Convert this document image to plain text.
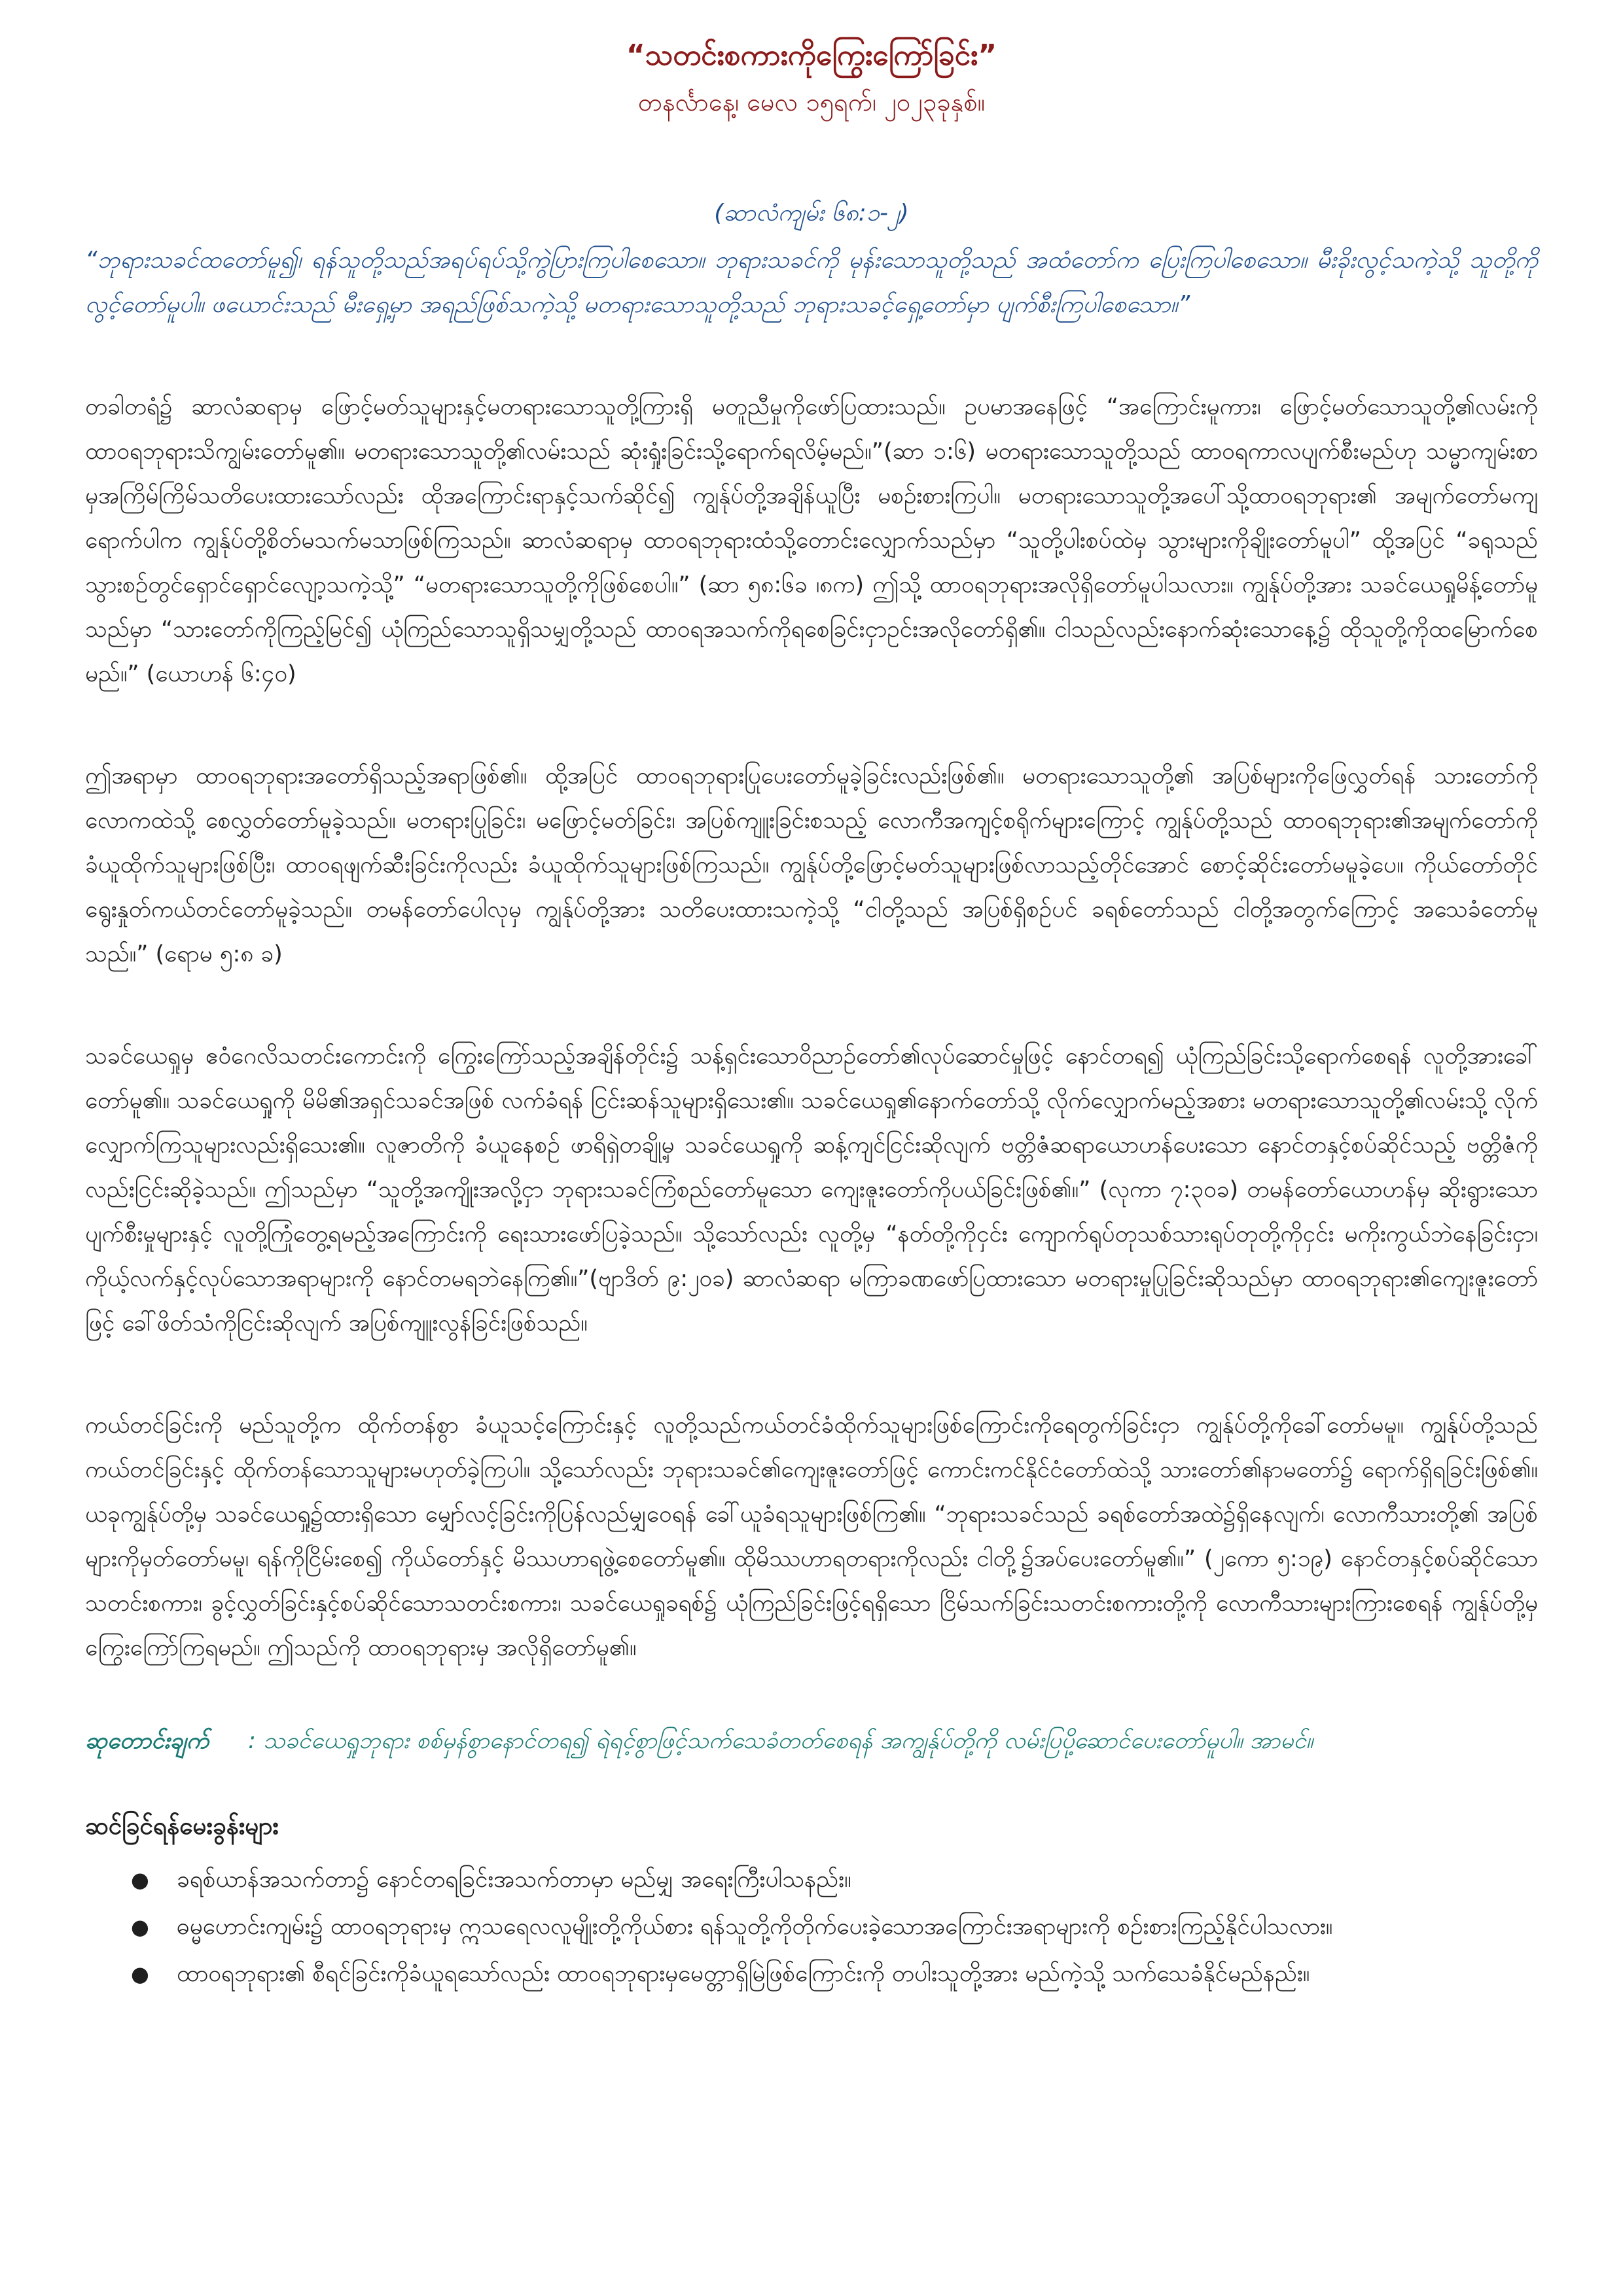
“သတင်းစကားကိုကြွေးကြော်ခြင်း”
တနင်္လာနေ့၊ မေလ ၁၅ရက်၊ ၂၀၂၃ခုနှစ်။
(ဆာလံကျမ်း ၆၈:၁-၂)
“ဘုရားသခင်ထတော်မူ၍၊ ရန်သူတို့သည်အရပ်ရပ်သို့ကွဲပြားကြပါစေသော။ ဘုရားသခင်ကို မုန်းသောသူတို့သည် အထံတော်က ပြေးကြပါစေသော။ မီးခိုးလွင့်သကဲ့သို့ သူတို့ကိုလွင့်တော်မူပါ။ ဖယောင်းသည် မီးရှေ့မှာ အရည်ဖြစ်သကဲ့သို့ မတရားသောသူတို့သည် ဘုရားသခင့်ရှေ့တော်မှာ ပျက်စီးကြပါစေသော။”

တခါတရံ၌ ဆာလံဆရာမှ ဖြောင့်မတ်သူများနှင့်မတရားသောသူတို့ကြားရှိ မတူညီမှုကိုဖော်ပြထားသည်။ ဥပမာအနေဖြင့် “အကြောင်းမူကား၊ ဖြောင့်မတ်သောသူတို့၏လမ်းကို ထာဝရဘုရားသိကျွမ်းတော်မူ၏။ မတရားသောသူတို့၏လမ်းသည် ဆုံးရှုံးခြင်းသို့ရောက်ရလိမ့်မည်။”(ဆာ ၁:၆) မတရားသောသူတို့သည် ထာဝရကာလပျက်စီးမည်ဟု သမ္မာကျမ်းစာမှအကြိမ်ကြိမ်သတိပေးထားသော်လည်း ထိုအကြောင်းရာနှင့်သက်ဆိုင်၍ ကျွန်ုပ်တို့အချိန်ယူပြီး မစဉ်းစားကြပါ။ မတရားသောသူတို့အပေါ်သို့ထာဝရဘုရား၏ အမျက်တော်မကျရောက်ပါက ကျွန်ုပ်တို့စိတ်မသက်မသာဖြစ်ကြသည်။ ဆာလံဆရာမှ ထာဝရဘုရားထံသို့တောင်းလျှောက်သည်မှာ “သူတို့ပါးစပ်ထဲမှ သွားများကိုချိုးတော်မူပါ” ထို့အပြင် “ခရုသည်သွားစဉ်တွင်ရှောင်ရှောင်လျော့သကဲ့သို့” “မတရားသောသူတို့ကိုဖြစ်စေပါ။” (ဆာ ၅၈:၆ခ ၊၈က) ဤသို့ ထာဝရဘုရားအလိုရှိတော်မူပါသလား။ ကျွန်ုပ်တို့အား သခင်ယေရှုမိန့်တော်မူသည်မှာ “သားတော်ကိုကြည့်မြင်၍ ယုံကြည်သောသူရှိသမျှတို့သည် ထာဝရအသက်ကိုရစေခြင်းငှာဥင်းအလိုတော်ရှိ၏။ ငါသည်လည်းနောက်ဆုံးသောနေ့၌ ထိုသူတို့ကိုထမြောက်စေမည်။” (ယောဟန် ၆:၄၀)

ဤအရာမှာ ထာဝရဘုရားအတော်ရှိသည့်အရာဖြစ်၏။ ထို့အပြင် ထာဝရဘုရားပြုပေးတော်မူခဲ့ခြင်းလည်းဖြစ်၏။ မတရားသောသူတို့၏ အပြစ်များကိုဖြေလွှတ်ရန် သားတော်ကိုလောကထဲသို့ စေလွှတ်တော်မူခဲ့သည်။ မတရားပြုခြင်း၊ မဖြောင့်မတ်ခြင်း၊ အပြစ်ကျူးခြင်းစသည့် လောကီအကျင့်စရိုက်များကြောင့် ကျွန်ုပ်တို့သည် ထာဝရဘုရား၏အမျက်တော်ကို ခံယူထိုက်သူများဖြစ်ပြီး၊ ထာဝရဖျက်ဆီးခြင်းကိုလည်း ခံယူထိုက်သူများဖြစ်ကြသည်။ ကျွန်ုပ်တို့ဖြောင့်မတ်သူများဖြစ်လာသည့်တိုင်အောင် စောင့်ဆိုင်းတော်မမူခဲ့ပေ။ ကိုယ်တော်တိုင်ရွေးနှုတ်ကယ်တင်တော်မူခဲ့သည်။ တမန်တော်ပေါလုမှ ကျွန်ုပ်တို့အား သတိပေးထားသကဲ့သို့ “ငါတို့သည် အပြစ်ရှိစဉ်ပင် ခရစ်တော်သည် ငါတို့အတွက်ကြောင့် အသေခံတော်မူသည်။” (ရောမ ၅:၈ ခ)

သခင်ယေရှုမှ ဧဝံဂေလိသတင်းကောင်းကို ကြွေးကြော်သည့်အချိန်တိုင်း၌ သန့်ရှင်းသောဝိညာဉ်တော်၏လုပ်ဆောင်မှုဖြင့် နောင်တရ၍ ယုံကြည်ခြင်းသို့ရောက်စေရန် လူတို့အားခေါ်တော်မူ၏။ သခင်ယေရှုကို မိမိ၏အရှင်သခင်အဖြစ် လက်ခံရန် ငြင်းဆန်သူများရှိသေး၏။ သခင်ယေရှု၏နောက်တော်သို့ လိုက်လျှောက်မည့်အစား မတရားသောသူတို့၏လမ်းသို့ လိုက်လျှောက်ကြသူများလည်းရှိသေး၏။ လူဇာတိကို ခံယူနေစဉ် ဖာရိရှဲတချို့မှ သခင်ယေရှုကို ဆန့်ကျင်ငြင်းဆိုလျက် ဗတ္တိဇံဆရာယောဟန်ပေးသော နောင်တနှင့်စပ်ဆိုင်သည့် ဗတ္တိဇံကိုလည်းငြင်းဆိုခဲ့သည်။ ဤသည်မှာ “သူတို့အကျိုးအလို့ငှာ ဘုရားသခင်ကြံစည်တော်မူသော ကျေးဇူးတော်ကိုပယ်ခြင်းဖြစ်၏။” (လုကာ ၇:၃၀ခ) တမန်တော်ယောဟန်မှ ဆိုးရွားသောပျက်စီးမှုများနှင့် လူတို့ကြုံတွေ့ရမည့်အကြောင်းကို ရေးသားဖော်ပြခဲ့သည်။ သို့သော်လည်း လူတို့မှ “နတ်တို့ကိုငှင်း ကျောက်ရုပ်တုသစ်သားရုပ်တုတို့ကိုငှင်း မကိုးကွယ်ဘဲနေခြင်းငှာ၊ ကိုယ့်လက်နှင့်လုပ်သောအရာများကို နောင်တမရဘဲနေကြ၏။”(ဗျာဒိတ် ၉:၂၀ခ) ဆာလံဆရာ မကြာခဏဖော်ပြထားသော မတရားမှုပြုခြင်းဆိုသည်မှာ ထာဝရဘုရား၏ကျေးဇူးတော်ဖြင့် ခေါ်ဖိတ်သံကိုငြင်းဆိုလျက် အပြစ်ကျူးလွန်ခြင်းဖြစ်သည်။

ကယ်တင်ခြင်းကို မည်သူတို့က ထိုက်တန်စွာ ခံယူသင့်ကြောင်းနှင့် လူတို့သည်ကယ်တင်ခံထိုက်သူများဖြစ်ကြောင်းကိုရေတွက်ခြင်းငှာ ကျွန်ုပ်တို့ကိုခေါ်တော်မမူ။ ကျွန်ုပ်တို့သည်ကယ်တင်ခြင်းနှင့် ထိုက်တန်သောသူများမဟုတ်ခဲ့ကြပါ။ သို့သော်လည်း ဘုရားသခင်၏ကျေးဇူးတော်ဖြင့် ကောင်းကင်နိုင်ငံတော်ထဲသို့ သားတော်၏နာမတော်၌ ရောက်ရှိရခြင်းဖြစ်၏။ ယခုကျွန်ုပ်တို့မှ သခင်ယေရှု၌ထားရှိသော မျှော်လင့်ခြင်းကိုပြန်လည်မျှဝေရန် ခေါ်ယူခံရသူများဖြစ်ကြ၏။ “ဘုရားသခင်သည် ခရစ်တော်အထဲ၌ရှိနေလျက်၊ လောကီသားတို့၏ အပြစ်များကိုမှတ်တော်မမူ၊ ရန်ကိုငြိမ်းစေ၍ ကိုယ်တော်နှင့် မိဿဟာရဖွဲ့စေတော်မူ၏။ ထိုမိဿဟာရတရားကိုလည်း ငါတို့၌အပ်ပေးတော်မူ၏။” (၂ကော ၅:၁၉) နောင်တနှင့်စပ်ဆိုင်သော သတင်းစကား၊ ခွင့်လွှတ်ခြင်းနှင့်စပ်ဆိုင်သောသတင်းစကား၊ သခင်ယေရှုခရစ်၌ ယုံကြည်ခြင်းဖြင့်ရရှိသော ငြိမ်သက်ခြင်းသတင်းစကားတို့ကို လောကီသားများကြားစေရန် ကျွန်ုပ်တို့မှ ကြွေးကြော်ကြရမည်။ ဤသည်ကို ထာဝရဘုရားမှ အလိုရှိတော်မူ၏။

ဆုတောင်းချက် : သခင်ယေရှုဘုရား စစ်မှန်စွာနောင်တရ၍ ရဲရင့်စွာဖြင့်သက်သေခံတတ်စေရန် အကျွန်ုပ်တို့ကို လမ်းပြပို့ဆောင်ပေးတော်မူပါ။ အာမင်။
ဆင်ခြင်ရန်မေးခွန်းများ
● ခရစ်ယာန်အသက်တာ၌ နောင်တရခြင်းအသက်တာမှာ မည်မျှ အရေးကြီးပါသနည်း။
● ဓမ္မဟောင်းကျမ်း၌ ထာဝရဘုရားမှ ဣသရေလလူမျိုးတို့ကိုယ်စား ရန်သူတို့ကိုတိုက်ပေးခဲ့သောအကြောင်းအရာများကို စဉ်းစားကြည့်နိုင်ပါသလား။
● ထာဝရဘုရား၏ စီရင်ခြင်းကိုခံယူရသော်လည်း ထာဝရဘုရားမှမေတ္တာရှိမြဲဖြစ်ကြောင်းကို တပါးသူတို့အား မည်ကဲ့သို့ သက်သေခံနိုင်မည်နည်း။
